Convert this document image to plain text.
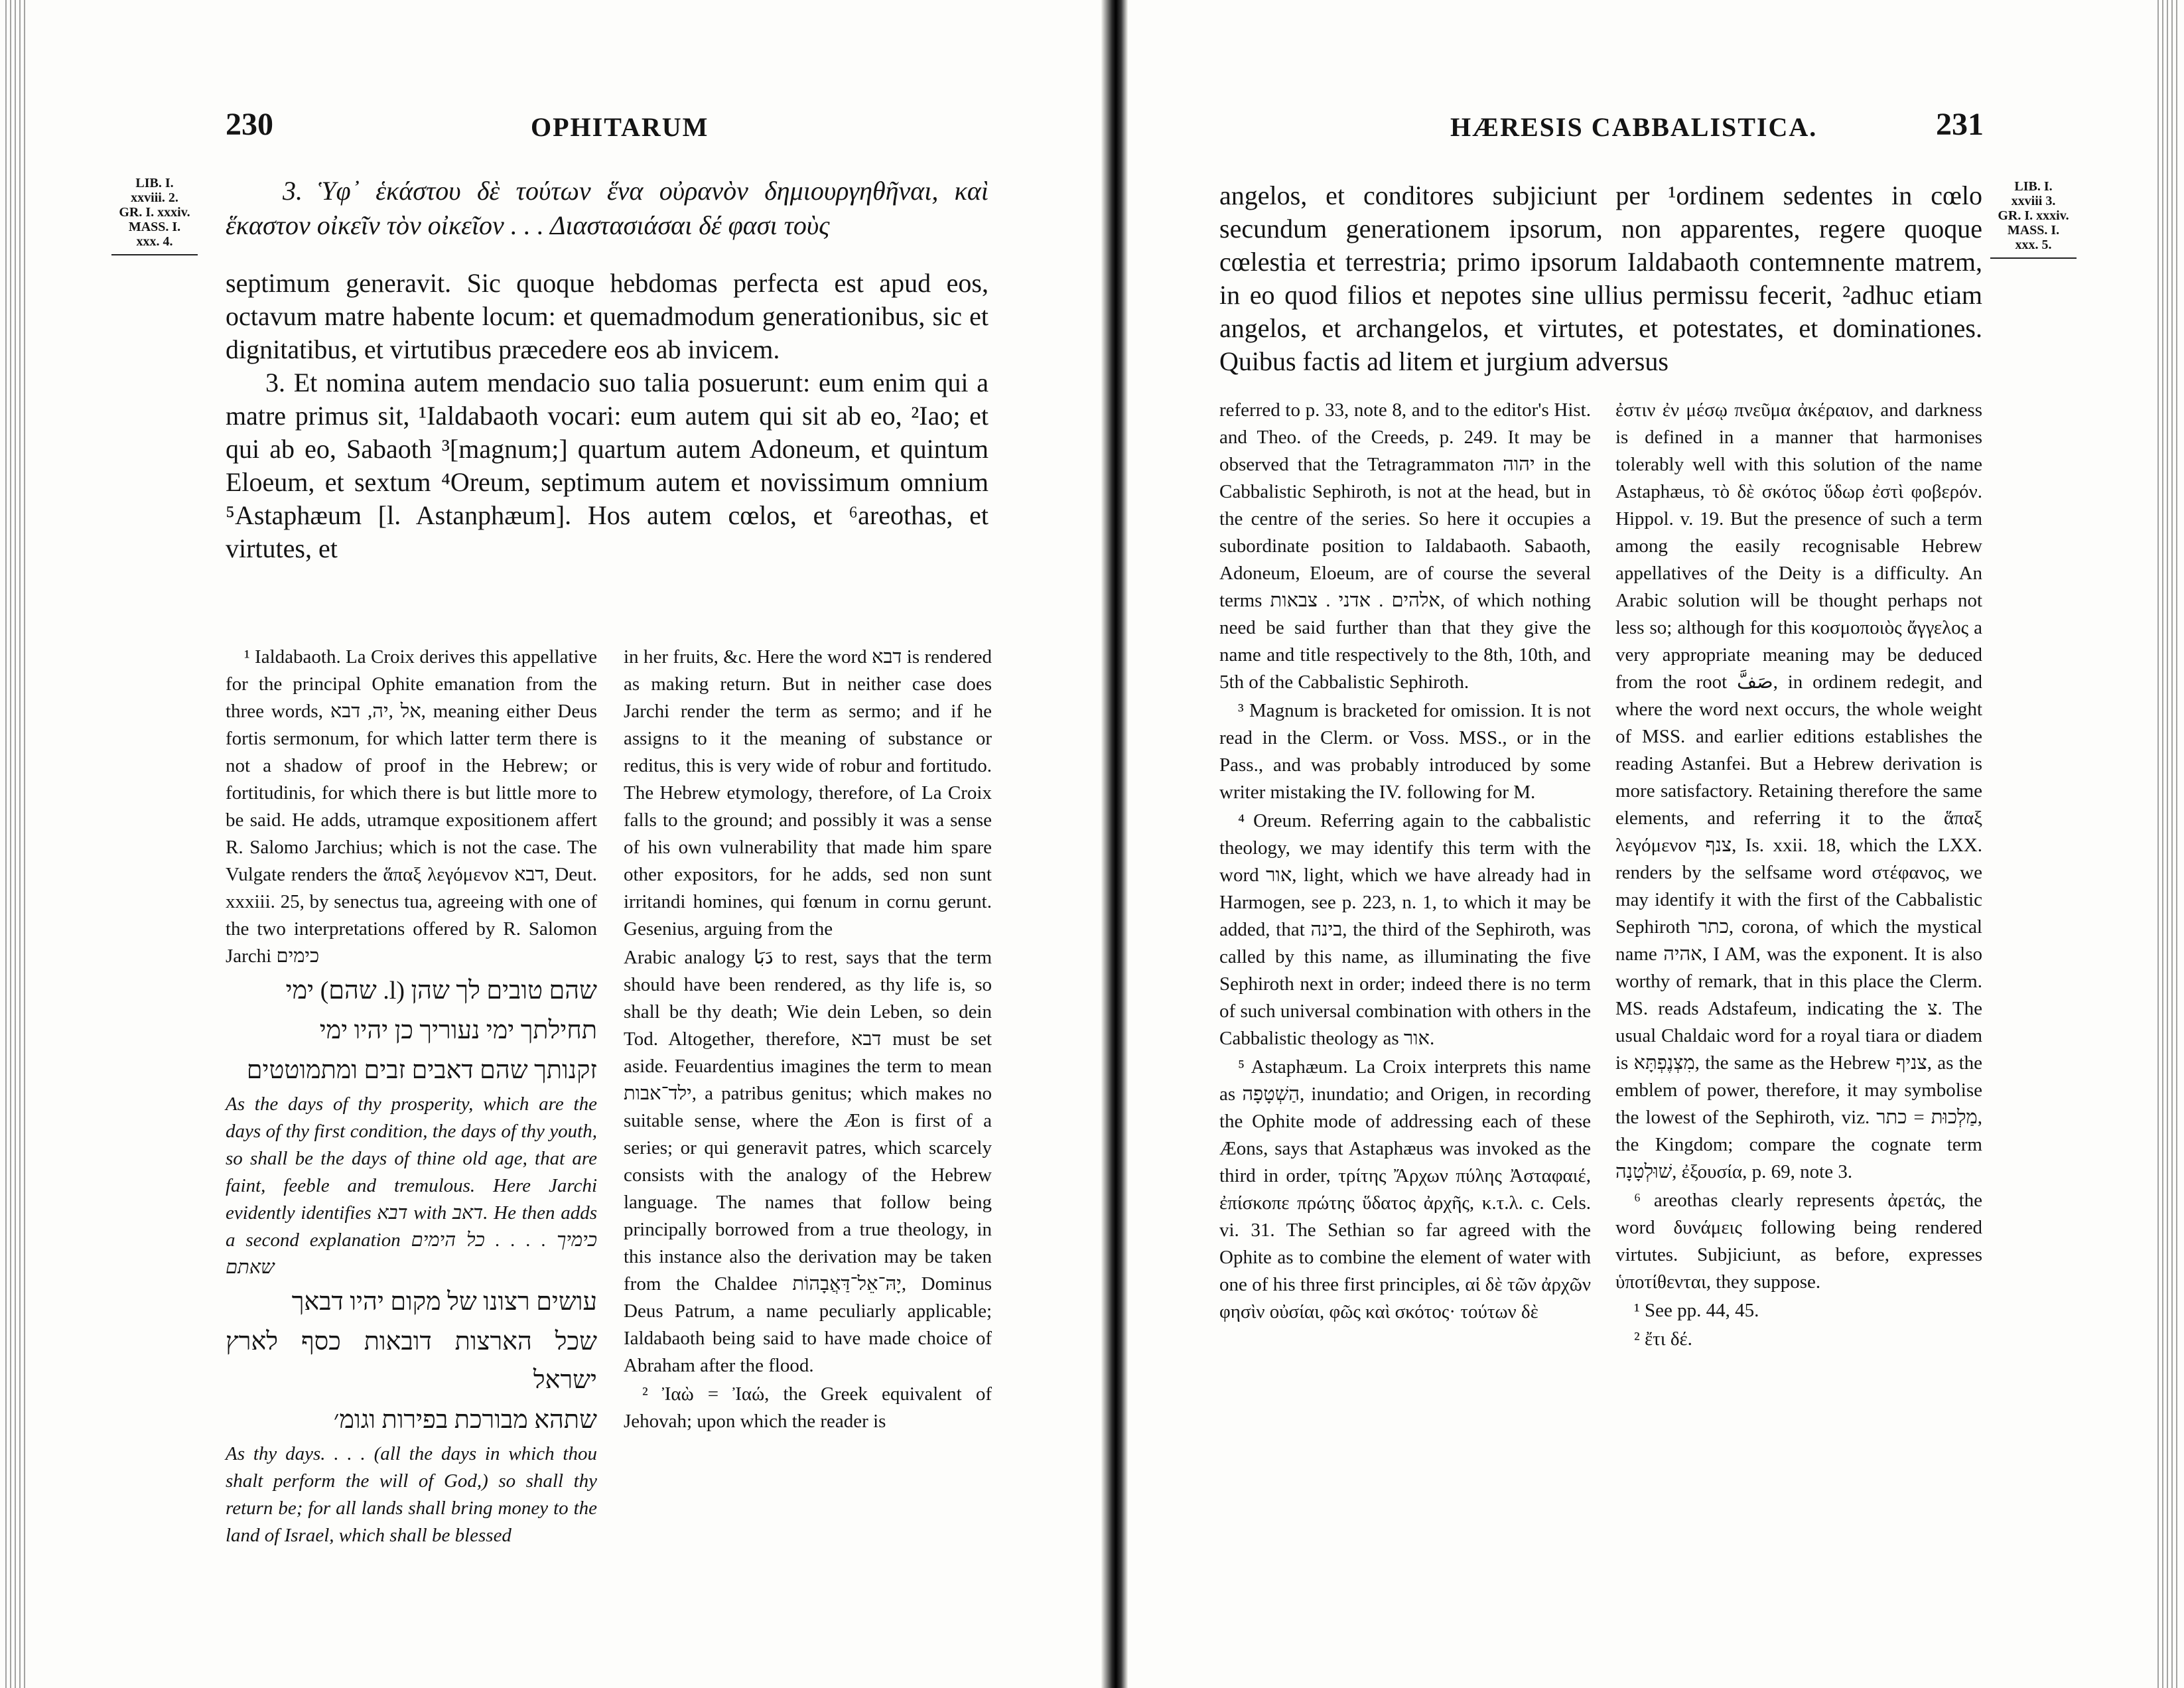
230	OPHITARUM
LIB. I.
xxviii. 2.
GR. I. xxxiv.
MASS. I.
xxx. 4.

3. Ὑφ᾽ ἑκάστου δὲ τούτων ἕνα οὐρανὸν δημιουργηθῆναι, καὶ ἕκαστον οἰκεῖν τὸν οἰκεῖον . . . Διαστασιάσαι δέ φασι τοὺς

septimum generavit. Sic quoque hebdomas perfecta est apud eos, octavum matre habente locum: et quemadmodum generationibus, sic et dignitatibus, et virtutibus præcedere eos ab invicem.

3. Et nomina autem mendacio suo talia posuerunt: eum enim qui a matre primus sit, ¹Ialdabaoth vocari: eum autem qui sit ab eo, ²Iao; et qui ab eo, Sabaoth ³[magnum;] quartum autem Adoneum, et quintum Eloeum, et sextum ⁴Oreum, septimum autem et novissimum omnium ⁵Astaphæum [l. Astanphæum]. Hos autem cœlos, et ⁶areothas, et virtutes, et

¹ Ialdabaoth. La Croix derives this appellative for the principal Ophite emanation from the three words, אל ,יה, דבא, meaning either Deus fortis sermonum, for which latter term there is not a shadow of proof in the Hebrew; or fortitudinis, for which there is but little more to be said. He adds, utramque expositionem affert R. Salomo Jarchius; which is not the case. The Vulgate renders the ἅπαξ λεγόμενον דבא, Deut. xxxiii. 25, by senectus tua, agreeing with one of the two interpretations offered by R. Salomon Jarchi כימים

שהם טובים לך שהן (l. שהם) ימי

תחילתך ימי נעוריך כן יהיו ימי

זקנותך שהם דאבים זבים ומתמוטטים

As the days of thy prosperity, which are the days of thy first condition, the days of thy youth, so shall be the days of thine old age, that are faint, feeble and tremulous. Here Jarchi evidently identifies דבא with דאב. He then adds a second explanation כימיך . . . . כל הימים שאתם

עושים רצונו של מקום יהיו דבאך

שכל הארצות דובאות כסף לארץ ישראל

שתהא מבורכת בפירות וגומ׳

As thy days. . . . (all the days in which thou shalt perform the will of God,) so shall thy return be; for all lands shall bring money to the land of Israel, which shall be blessed

in her fruits, &c. Here the word דבא is rendered as making return. But in neither case does Jarchi render the term as sermo; and if he assigns to it the meaning of substance or reditus, this is very wide of robur and fortitudo. The Hebrew etymology, therefore, of La Croix falls to the ground; and possibly it was a sense of his own vulnerability that made him spare other expositors, for he adds, sed non sunt irritandi homines, qui fœnum in cornu gerunt. Gesenius, arguing from the

Arabic analogy دَبَا to rest, says that the term should have been rendered, as thy life is, so shall be thy death; Wie dein Leben, so dein Tod. Altogether, therefore, דבא must be set aside. Feuardentius imagines the term to mean ילד־אבות, a patribus genitus; which makes no suitable sense, where the Æon is first of a series; or qui generavit patres, which scarcely consists with the analogy of the Hebrew language. The names that follow being principally borrowed from a true theology, in this instance also the derivation may be taken from the Chaldee יָהּ־אֵל־דַּאֲבָהוֹת, Dominus Deus Patrum, a name peculiarly applicable; Ialdabaoth being said to have made choice of Abraham after the flood.

² Ἰαὼ = Ἰαώ, the Greek equivalent of Jehovah; upon which the reader is

HÆRESIS CABBALISTICA.	231
LIB. I.
xxviii 3.
GR. I. xxxiv.
MASS. I.
xxx. 5.

angelos, et conditores subjiciunt per ¹ordinem sedentes in cœlo secundum generationem ipsorum, non apparentes, regere quoque cœlestia et terrestria; primo ipsorum Ialdabaoth contemnente matrem, in eo quod filios et nepotes sine ullius permissu fecerit, ²adhuc etiam angelos, et archangelos, et virtutes, et potestates, et dominationes. Quibus factis ad litem et jurgium adversus

referred to p. 33, note 8, and to the editor's Hist. and Theo. of the Creeds, p. 249. It may be observed that the Tetragrammaton יהוה in the Cabbalistic Sephiroth, is not at the head, but in the centre of the series. So here it occupies a subordinate position to Ialdabaoth. Sabaoth, Adoneum, Eloeum, are of course the several terms אלהים . אדני . צבאות, of which nothing need be said further than that they give the name and title respectively to the 8th, 10th, and 5th of the Cabbalistic Sephiroth.

³ Magnum is bracketed for omission. It is not read in the Clerm. or Voss. MSS., or in the Pass., and was probably introduced by some writer mistaking the IV. following for M.

⁴ Oreum. Referring again to the cabbalistic theology, we may identify this term with the word אור, light, which we have already had in Harmogen, see p. 223, n. 1, to which it may be added, that בינה, the third of the Sephiroth, was called by this name, as illuminating the five Sephiroth next in order; indeed there is no term of such universal combination with others in the Cabbalistic theology as אור.

⁵ Astaphæum. La Croix interprets this name as הַשְׁטָפָה, inundatio; and Origen, in recording the Ophite mode of addressing each of these Æons, says that Astaphæus was invoked as the third in order, τρίτης Ἄρχων πύλης Ἀσταφαιέ, ἐπίσκοπε πρώτης ὕδατος ἀρχῆς, κ.τ.λ. c. Cels. vi. 31. The Sethian so far agreed with the Ophite as to combine the element of water with one of his three first principles, αἱ δὲ τῶν ἀρχῶν φησὶν οὐσίαι, φῶς καὶ σκότος· τούτων δὲ

ἐστιν ἐν μέσῳ πνεῦμα ἀκέραιον, and darkness is defined in a manner that harmonises tolerably well with this solution of the name Astaphæus, τὸ δὲ σκότος ὕδωρ ἐστὶ φοβερόν. Hippol. v. 19. But the presence of such a term among the easily recognisable Hebrew appellatives of the Deity is a difficulty. An Arabic solution will be thought perhaps not less so; although for this κοσμοποιὸς ἄγγελος a very appropriate meaning may be deduced from the root صَفَّ, in ordinem redegit, and where the word next occurs, the whole weight of MSS. and earlier editions establishes the reading Astanfei. But a Hebrew derivation is more satisfactory. Retaining therefore the same elements, and referring it to the ἅπαξ λεγόμενον צנף, Is. xxii. 18, which the LXX. renders by the selfsame word στέφανος, we may identify it with the first of the Cabbalistic Sephiroth כתר, corona, of which the mystical name אהיה, I AM, was the exponent. It is also worthy of remark, that in this place the Clerm. MS. reads Adstafeum, indicating the צ. The usual Chaldaic word for a royal tiara or diadem is מִצְנֶפְתָּא, the same as the Hebrew צניף, as the emblem of power, therefore, it may symbolise the lowest of the Sephiroth, viz. מַלְכוּת = כתר, the Kingdom; compare the cognate term שׁוּלְטָנָה, ἐξουσία, p. 69, note 3.

⁶ areothas clearly represents ἀρετάς, the word δυνάμεις following being rendered virtutes. Subjiciunt, as before, expresses ὑποτίθενται, they suppose.

¹ See pp. 44, 45.

² ἔτι δέ.
